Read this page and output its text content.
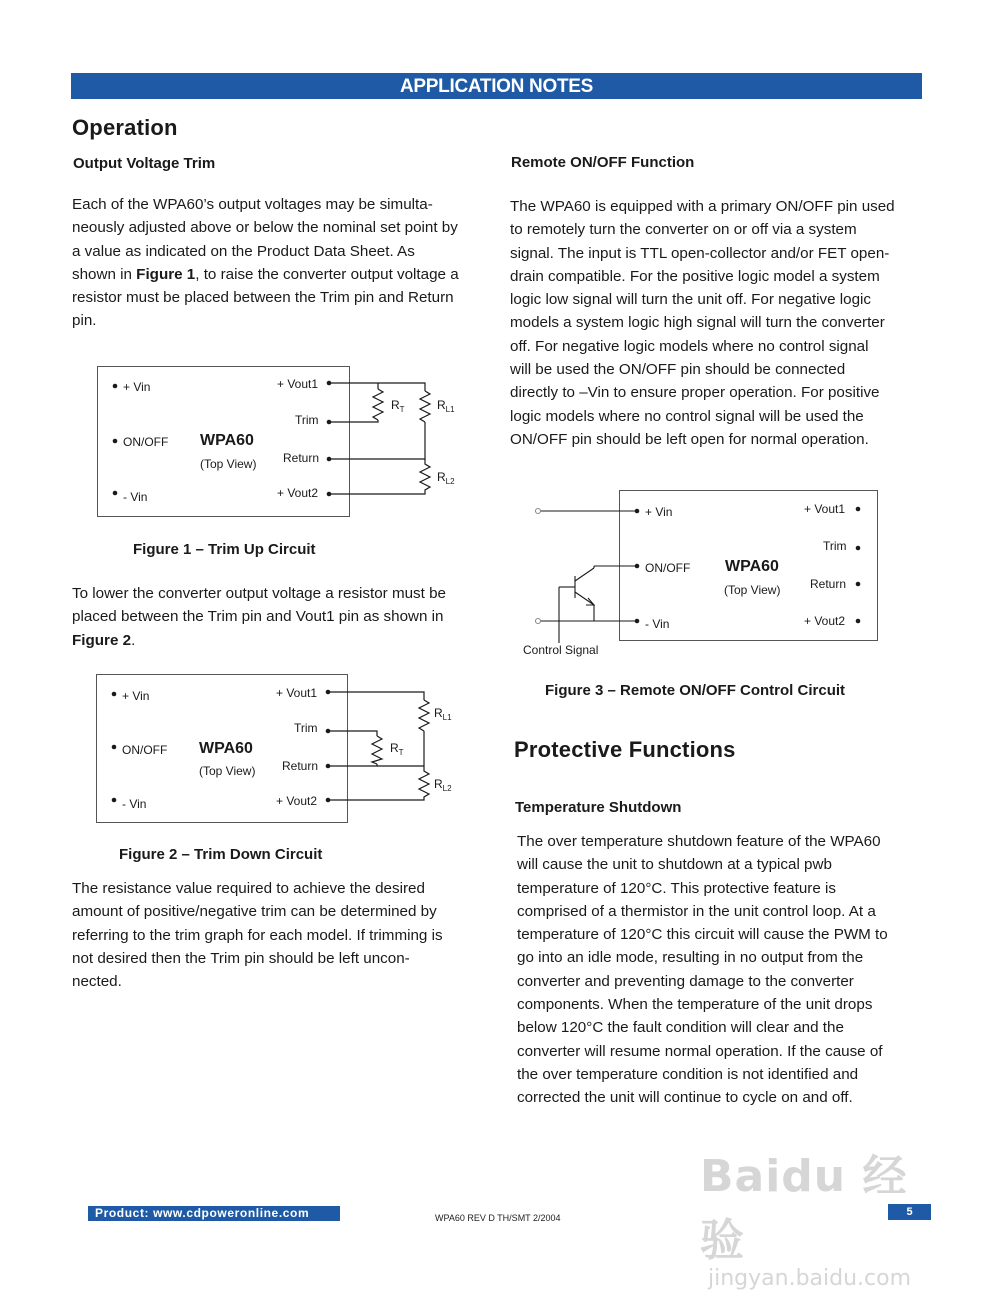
APPLICATION NOTES
Operation
Output Voltage Trim
Each of the WPA60’s output voltages may be simulta-
neously adjusted above or below the nominal set point by
a value as indicated on the Product Data Sheet. As
shown in Figure 1, to raise the converter output voltage a
resistor must be placed between the Trim pin and Return
pin.
+ Vin
ON/OFF
- Vin
WPA60
(Top View)
+ Vout1
Trim
Return
+ Vout2
$R_T$	$R_{L1}$
$R_{L2}$
Figure 1 – Trim Up Circuit
To lower the converter output voltage a resistor must be
placed between the Trim pin and Vout1 pin as shown in
Figure 2.
+ Vin
ON/OFF
- Vin
WPA60
(Top View)
+ Vout1
Trim
Return
+ Vout2
$R_{L1}$
$R_T$
$R_{L2}$
Figure 2 – Trim Down Circuit
The resistance value required to achieve the desired
amount of positive/negative trim can be determined by
referring to the trim graph for each model. If trimming is
not desired then the Trim pin should be left uncon-
nected.
Remote ON/OFF Function
The WPA60 is equipped with a primary ON/OFF pin used
to remotely turn the converter on or off via a system
signal. The input is TTL open-collector and/or FET open-
drain compatible. For the positive logic model a system
logic low signal will turn the unit off. For negative logic
models a system logic high signal will turn the converter
off. For negative logic models where no control signal
will be used the ON/OFF pin should be connected
directly to –Vin to ensure proper operation. For positive
logic models where no control signal will be used the
ON/OFF pin should be left open for normal operation.
+ Vin
ON/OFF
- Vin
WPA60
(Top View)
+ Vout1
Trim
Return
+ Vout2
Control Signal
Figure 3 – Remote ON/OFF Control Circuit
Protective Functions
Temperature Shutdown
The over temperature shutdown feature of the WPA60
will cause the unit to shutdown at a typical pwb
temperature of 120°C. This protective feature is
comprised of a thermistor in the unit control loop. At a
temperature of 120°C this circuit will cause the PWM to
go into an idle mode, resulting in no output from the
converter and preventing damage to the converter
components. When the temperature of the unit drops
below 120°C the fault condition will clear and the
converter will resume normal operation. If the cause of
the over temperature condition is not identified and
corrected the unit will continue to cycle on and off.
Baidu 经验
jingyan.baidu.com
Product: www.cdpoweronline.com	WPA60 REV D TH/SMT 2/2004	5
